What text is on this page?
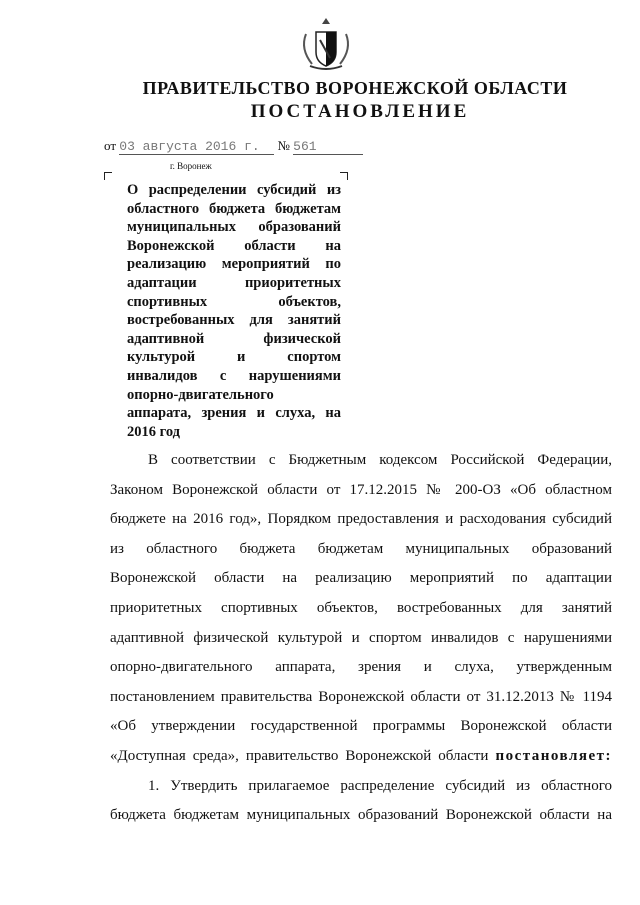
ПРАВИТЕЛЬСТВО ВОРОНЕЖСКОЙ ОБЛАСТИ
ПОСТАНОВЛЕНИЕ
от 03 августа 2016 г. № 561
г. Воронеж
О распределении субсидий из
областного бюджета бюджетам
муниципальных образований
Воронежской области на
реализацию мероприятий по
адаптации приоритетных
спортивных объектов,
востребованных для занятий
адаптивной физической
культурой и спортом
инвалидов с нарушениями
опорно-двигательного
аппарата, зрения и слуха, на
2016 год
В соответствии с Бюджетным кодексом Российской Федерации,
Законом Воронежской области от 17.12.2015 № 200-ОЗ «Об областном
бюджете на 2016 год», Порядком предоставления и расходования субсидий
из областного бюджета бюджетам муниципальных образований
Воронежской области на реализацию мероприятий по адаптации
приоритетных спортивных объектов, востребованных для занятий
адаптивной физической культурой и спортом инвалидов с нарушениями
опорно-двигательного аппарата, зрения и слуха, утвержденным
постановлением правительства Воронежской области от 31.12.2013 № 1194
«Об утверждении государственной программы Воронежской области
«Доступная среда», правительство Воронежской области постановляет:
1. Утвердить прилагаемое распределение субсидий из областного
бюджета бюджетам муниципальных образований Воронежской области на
